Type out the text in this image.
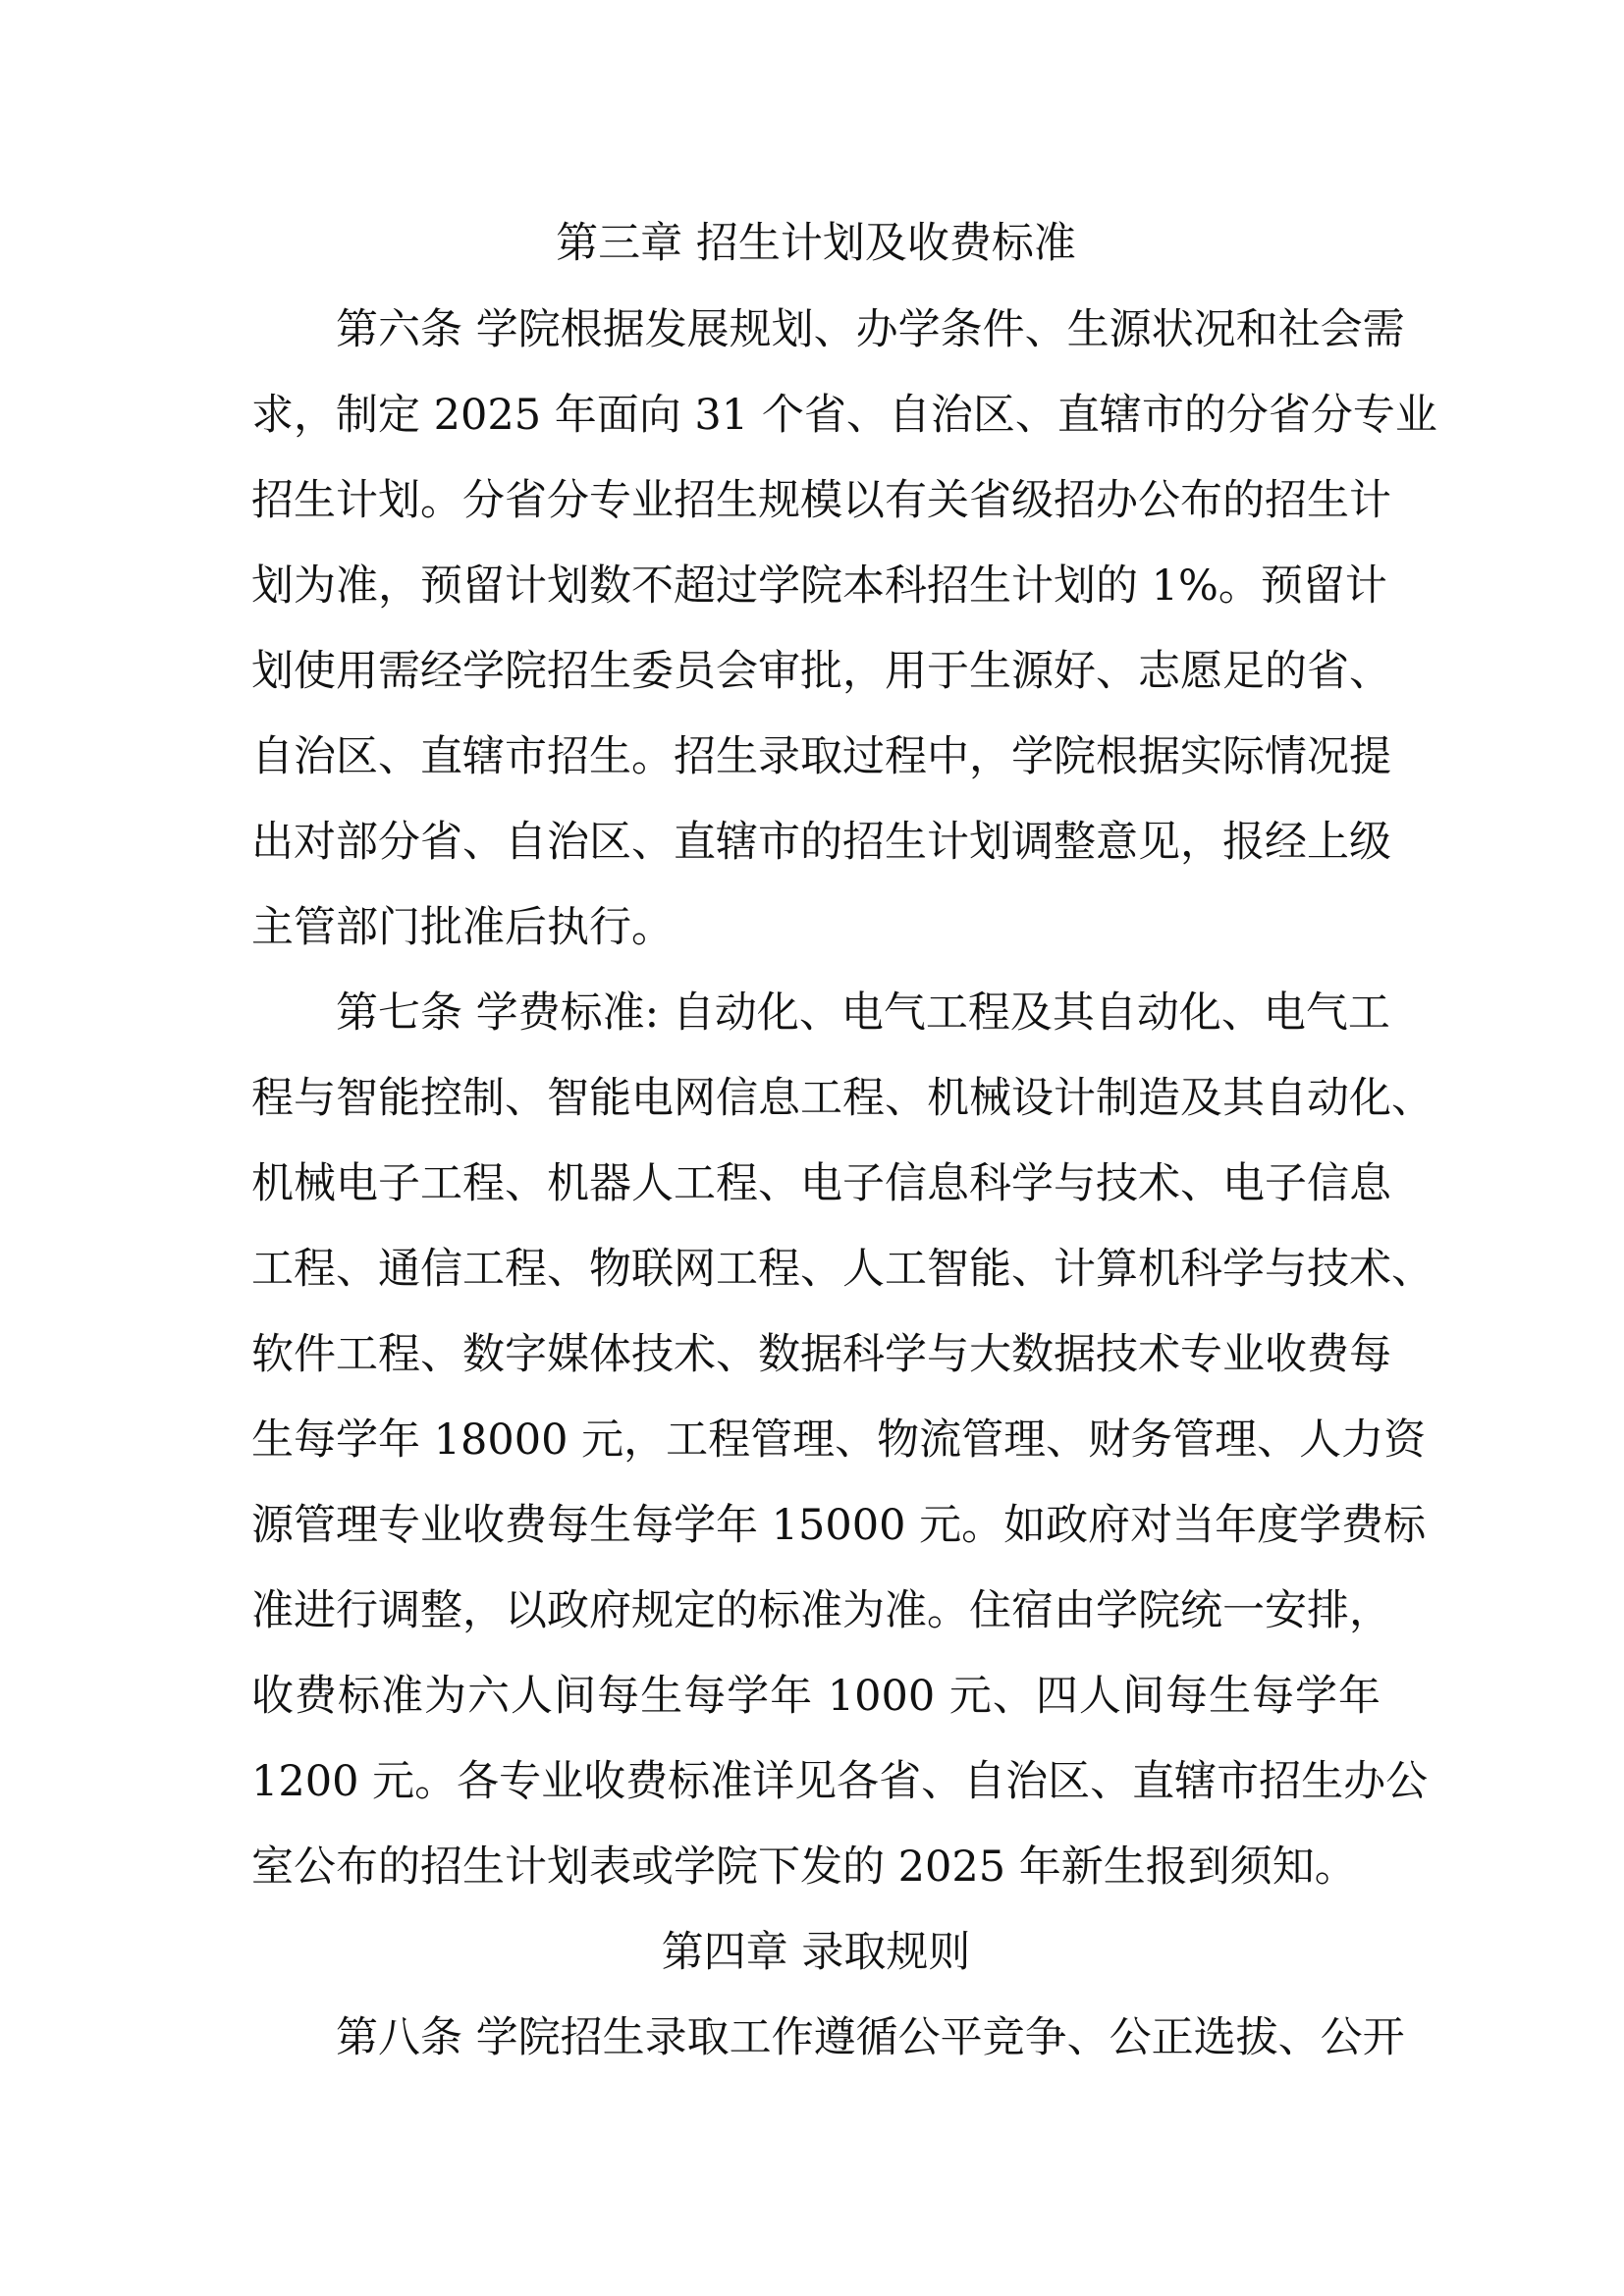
第三章 招生计划及收费标准
第六条 学院根据发展规划、办学条件、生源状况和社会需
求，制定 2025 年面向 31 个省、自治区、直辖市的分省分专业
招生计划。分省分专业招生规模以有关省级招办公布的招生计
划为准，预留计划数不超过学院本科招生计划的 1%。预留计
划使用需经学院招生委员会审批，用于生源好、志愿足的省、
自治区、直辖市招生。招生录取过程中，学院根据实际情况提
出对部分省、自治区、直辖市的招生计划调整意见，报经上级
主管部门批准后执行。
第七条 学费标准: 自动化、电气工程及其自动化、电气工
程与智能控制、智能电网信息工程、机械设计制造及其自动化、
机械电子工程、机器人工程、电子信息科学与技术、电子信息
工程、通信工程、物联网工程、人工智能、计算机科学与技术、
软件工程、数字媒体技术、数据科学与大数据技术专业收费每
生每学年 18000 元，工程管理、物流管理、财务管理、人力资
源管理专业收费每生每学年 15000 元。如政府对当年度学费标
准进行调整，以政府规定的标准为准。住宿由学院统一安排，
收费标准为六人间每生每学年 1000 元、四人间每生每学年
1200 元。各专业收费标准详见各省、自治区、直辖市招生办公
室公布的招生计划表或学院下发的 2025 年新生报到须知。
第四章 录取规则
第八条 学院招生录取工作遵循公平竞争、公正选拔、公开
